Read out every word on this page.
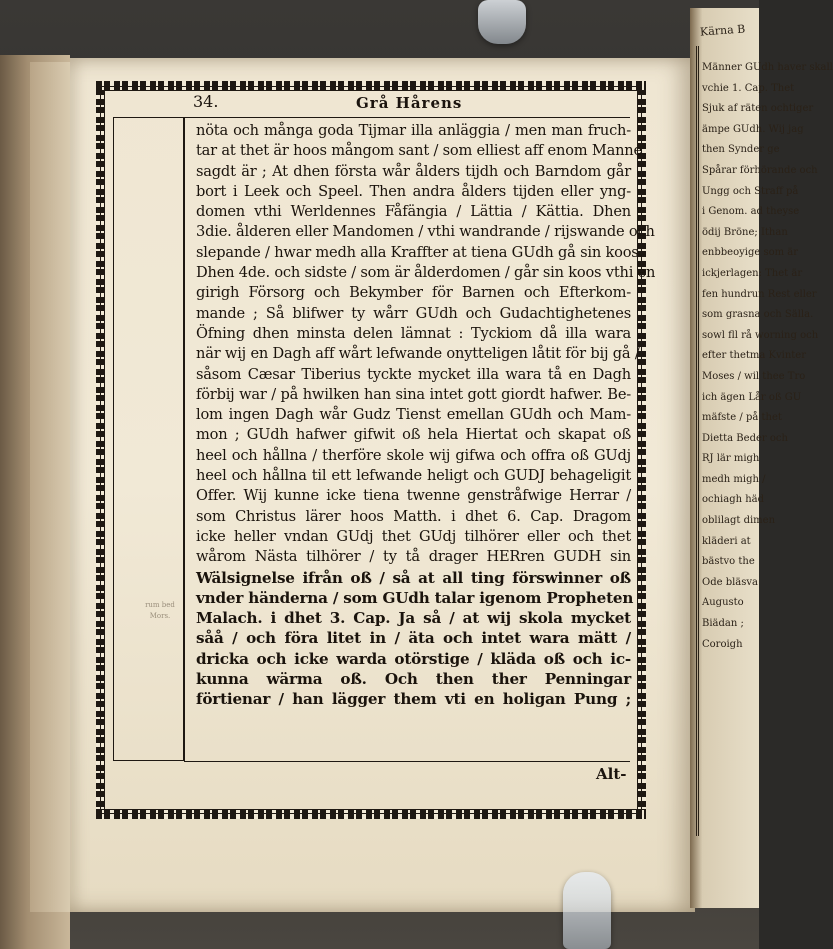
Kärna B
Männer GUdh haver skall
vchie 1. Cap. Thet
Sjuk af räten ochtiger
ämpe GUdh. Wij jag
then Synder ge
Spårar förhörande och
Ungg och Straff på
i Genom. ad theyse
ödij Bröne; Ithan
enbbeoyige som är
ickjerlagen: Thet är
fen hundrun Rest eller
som grasna och Sälla.
sowl fll rå worning och
efter thetma Kvinter
Moses / wil thee Tro
ich ägen Lår oß GU
mäfste / på thet
Dietta Beder och
RJ lär migh
medh migh /
ochiagh häd
oblilagt dimen
kläderi at
bästvo the
Ode bläsva
Augusto
Biädan ;
Coroigh
rum bed Mors.
34.	Grå Hårens
nöta och många goda Tijmar illa anläggia / men man fruch-
tar at thet är hoos mångom sant / som elliest aff enom Manne
sagdt är ; At dhen första wår ålders tijdh och Barndom går
bort i Leek och Speel. Then andra ålders tijden eller yng-
domen vthi Werldennes Fåfängia / Lättia / Kättia. Dhen
3die. ålderen eller Mandomen / vthi wandrande / rijswande och
slepande / hwar medh alla Kraffter at tiena GUdh gå sin koos.
Dhen 4de. och sidste / som är ålderdomen / går sin koos vthi en
girigh Försorg och Bekymber för Barnen och Efterkom-
mande ; Så blifwer ty wårr GUdh och Gudachtighetenes
Öfning dhen minsta delen lämnat : Tyckiom då illa wara
när wij en Dagh aff wårt lefwande onytteligen låtit för bij gå /
såsom Cæsar Tiberius tyckte mycket illa wara tå en Dagh
förbij war / på hwilken han sina intet gott giordt hafwer. Be-
lom ingen Dagh wår Gudz Tienst emellan GUdh och Mam-
mon ; GUdh hafwer gifwit oß hela Hiertat och skapat oß
heel och hållna / therföre skole wij gifwa och offra oß GUdj
heel och hållna til ett lefwande heligt och GUDJ behageligit
Offer. Wij kunne icke tiena twenne genstråfwige Herrar /
som Christus lärer hoos Matth. i dhet 6. Cap. Dragom
icke heller vndan GUdj thet GUdj tilhörer eller och thet
wårom Nästa tilhörer / ty tå drager HERren GUDH sin
Wälsignelse ifrån oß / så at all ting förswinner oß
vnder händerna / som GUdh talar igenom Propheten
Malach. i dhet 3. Cap. Ja så / at wij skola mycket
såå / och föra litet in / äta och intet wara mätt /
dricka och icke warda otörstige / kläda oß och ic-
kunna wärma oß. Och then ther Penningar
förtienar / han lägger them vti en holigan Pung ;
Alt-
